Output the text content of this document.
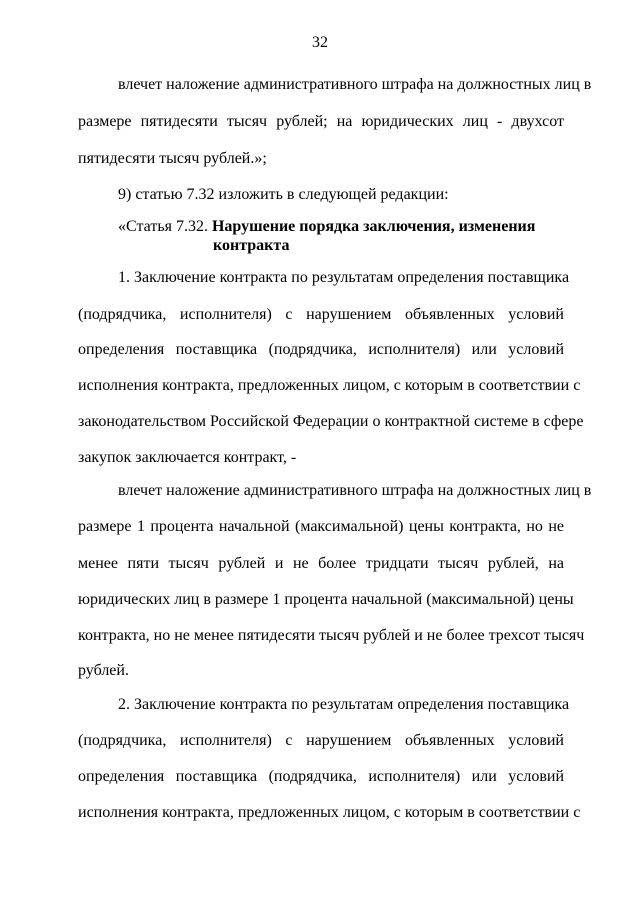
32
влечет наложение административного штрафа на должностных лиц в
размере пятидесяти тысяч рублей; на юридических лиц - двухсот
пятидесяти тысяч рублей.»;
9) статью 7.32 изложить в следующей редакции:
«Статья 7.32. Нарушение порядка заключения, изменения
контракта
1. Заключение контракта по результатам определения поставщика
(подрядчика, исполнителя) с нарушением объявленных условий
определения поставщика (подрядчика, исполнителя) или условий
исполнения контракта, предложенных лицом, с которым в соответствии с
законодательством Российской Федерации о контрактной системе в сфере
закупок заключается контракт, -
влечет наложение административного штрафа на должностных лиц в
размере 1 процента начальной (максимальной) цены контракта, но не
менее пяти тысяч рублей и не более тридцати тысяч рублей, на
юридических лиц в размере 1 процента начальной (максимальной) цены
контракта, но не менее пятидесяти тысяч рублей и не более трехсот тысяч
рублей.
2. Заключение контракта по результатам определения поставщика
(подрядчика, исполнителя) с нарушением объявленных условий
определения поставщика (подрядчика, исполнителя) или условий
исполнения контракта, предложенных лицом, с которым в соответствии с
